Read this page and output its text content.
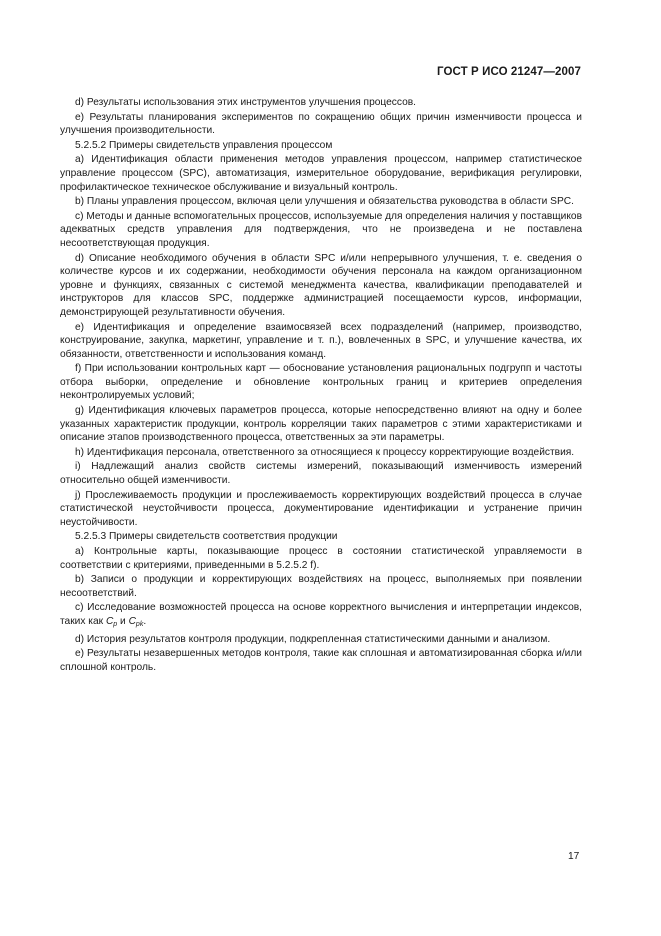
ГОСТ Р ИСО 21247—2007

d) Результаты использования этих инструментов улучшения процессов.

e) Результаты планирования экспериментов по сокращению общих причин изменчивости процесса и улучшения производительности.

5.2.5.2 Примеры свидетельств управления процессом

a) Идентификация области применения методов управления процессом, например статистическое управление процессом (SPC), автоматизация, измерительное оборудование, верификация регулировки, профилактическое техническое обслуживание и визуальный контроль.

b) Планы управления процессом, включая цели улучшения и обязательства руководства в области SPC.

c) Методы и данные вспомогательных процессов, используемые для определения наличия у поставщиков адекватных средств управления для подтверждения, что не произведена и не поставлена несоответствующая продукция.

d) Описание необходимого обучения в области SPC и/или непрерывного улучшения, т. е. сведения о количестве курсов и их содержании, необходимости обучения персонала на каждом организационном уровне и функциях, связанных с системой менеджмента качества, квалификации преподавателей и инструкторов для классов SPC, поддержке администрацией посещаемости курсов, информации, демонстрирующей результативности обучения.

e) Идентификация и определение взаимосвязей всех подразделений (например, производство, конструирование, закупка, маркетинг, управление и т. п.), вовлеченных в SPC, и улучшение качества, их обязанности, ответственности и использования команд.

f) При использовании контрольных карт — обоснование установления рациональных подгрупп и частоты отбора выборки, определение и обновление контрольных границ и критериев определения неконтролируемых условий;

g) Идентификация ключевых параметров процесса, которые непосредственно влияют на одну и более указанных характеристик продукции, контроль корреляции таких параметров с этими характеристиками и описание этапов производственного процесса, ответственных за эти параметры.

h) Идентификация персонала, ответственного за относящиеся к процессу корректирующие воздействия.

i) Надлежащий анализ свойств системы измерений, показывающий изменчивость измерений относительно общей изменчивости.

j) Прослеживаемость продукции и прослеживаемость корректирующих воздействий процесса в случае статистической неустойчивости процесса, документирование идентификации и устранение причин неустойчивости.

5.2.5.3 Примеры свидетельств соответствия продукции

a) Контрольные карты, показывающие процесс в состоянии статистической управляемости в соответствии с критериями, приведенными в 5.2.5.2 f).

b) Записи о продукции и корректирующих воздействиях на процесс, выполняемых при появлении несоответствий.

c) Исследование возможностей процесса на основе корректного вычисления и интерпретации индексов, таких как $C_p$ и $C_{pk}$.

d) История результатов контроля продукции, подкрепленная статистическими данными и анализом.

e) Результаты незавершенных методов контроля, такие как сплошная и автоматизированная сборка и/или сплошной контроль.

17
